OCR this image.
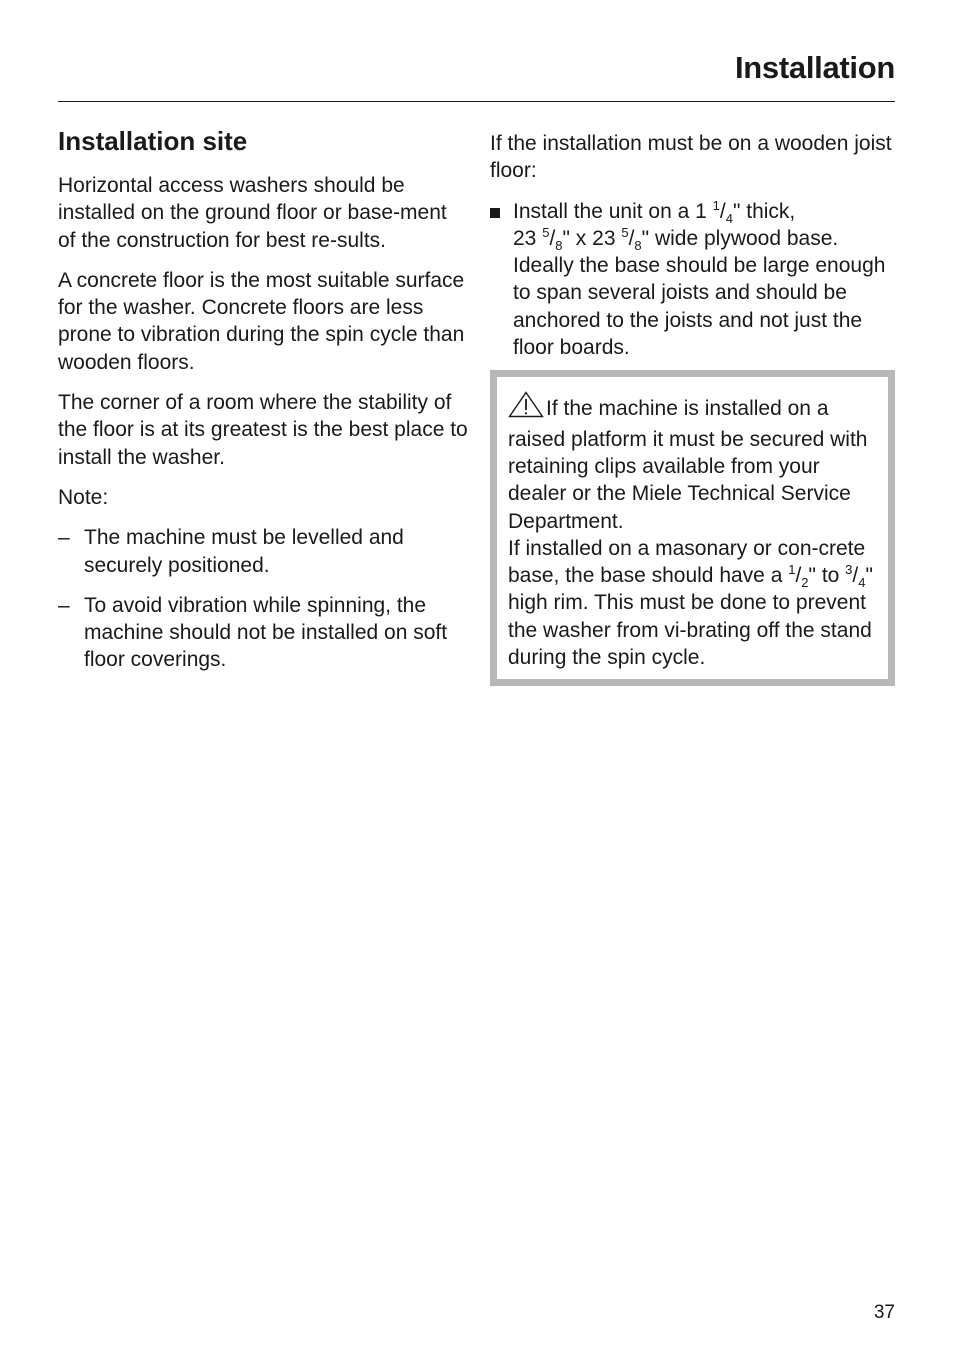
Installation
Installation site

Horizontal access washers should be installed on the ground floor or base-ment of the construction for best re-sults.

A concrete floor is the most suitable surface for the washer. Concrete floors are less prone to vibration during the spin cycle than wooden floors.

The corner of a room where the stability of the floor is at its greatest is the best place to install the washer.

Note:

– The machine must be levelled and securely positioned.
– To avoid vibration while spinning, the machine should not be installed on soft floor coverings.

If the installation must be on a wooden joist floor:

Install the unit on a 1 $^1/_4$" thick,
23 $^5/_8$" x 23 $^5/_8$" wide plywood base. Ideally the base should be large enough to span several joists and should be anchored to the joists and not just the floor boards.
If the machine is installed on a raised platform it must be secured with retaining clips available from your dealer or the Miele Technical Service Department.
If installed on a masonary or con-crete base, the base should have a $^1/_2$" to $^3/_4$" high rim. This must be done to prevent the washer from vi-brating off the stand during the spin cycle.
37
